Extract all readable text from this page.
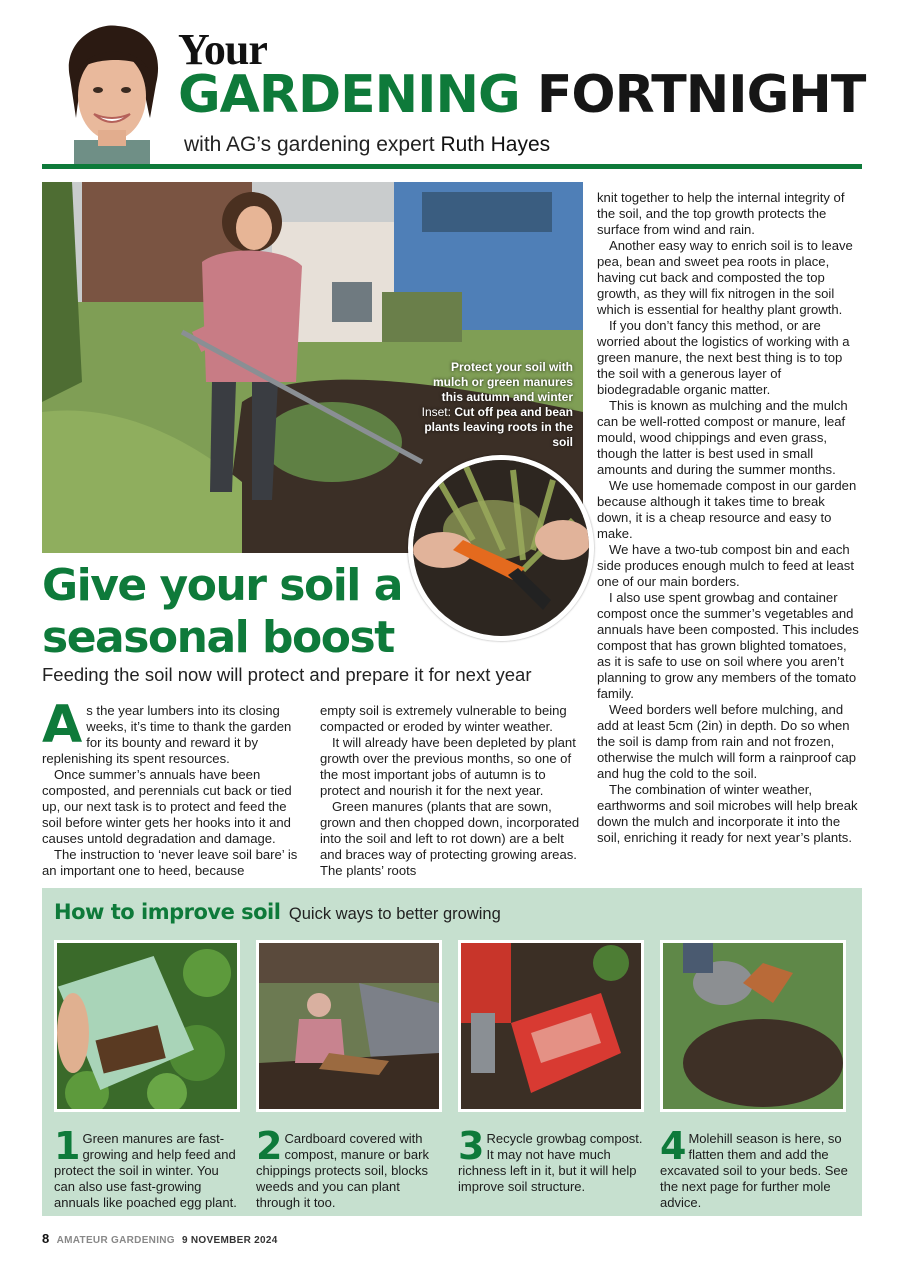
Your
GARDENING FORTNIGHT
with AG’s gardening expert Ruth Hayes
Protect your soil with mulch or green manures this autumn and winter Inset: Cut off pea and bean plants leaving roots in the soil
Give your soil a seasonal boost
Feeding the soil now will protect and prepare it for next year

As the year lumbers into its closing weeks, it’s time to thank the garden for its bounty and reward it by replenishing its spent resources.

Once summer’s annuals have been composted, and perennials cut back or tied up, our next task is to protect and feed the soil before winter gets her hooks into it and causes untold degradation and damage.

The instruction to ‘never leave soil bare’ is an important one to heed, because

empty soil is extremely vulnerable to being compacted or eroded by winter weather.

It will already have been depleted by plant growth over the previous months, so one of the most important jobs of autumn is to protect and nourish it for the next year.

Green manures (plants that are sown, grown and then chopped down, incorporated into the soil and left to rot down) are a belt and braces way of protecting growing areas. The plants’ roots

knit together to help the internal integrity of the soil, and the top growth protects the surface from wind and rain.

Another easy way to enrich soil is to leave pea, bean and sweet pea roots in place, having cut back and composted the top growth, as they will fix nitrogen in the soil which is essential for healthy plant growth.

If you don’t fancy this method, or are worried about the logistics of working with a green manure, the next best thing is to top the soil with a generous layer of biodegradable organic matter.

This is known as mulching and the mulch can be well-rotted compost or manure, leaf mould, wood chippings and even grass, though the latter is best used in small amounts and during the summer months.

We use homemade compost in our garden because although it takes time to break down, it is a cheap resource and easy to make.

We have a two-tub compost bin and each side produces enough mulch to feed at least one of our main borders.

I also use spent growbag and container compost once the summer’s vegetables and annuals have been composted. This includes compost that has grown blighted tomatoes, as it is safe to use on soil where you aren’t planning to grow any members of the tomato family.

Weed borders well before mulching, and add at least 5cm (2in) in depth. Do so when the soil is damp from rain and not frozen, otherwise the mulch will form a rainproof cap and hug the cold to the soil.

The combination of winter weather, earthworms and soil microbes will help break down the mulch and incorporate it into the soil, enriching it ready for next year’s plants.

How to improve soil Quick ways to better growing
1 Green manures are fast-growing and help feed and protect the soil in winter. You can also use fast-growing annuals like poached egg plant.
2 Cardboard covered with compost, manure or bark chippings protects soil, blocks weeds and you can plant through it too.
3 Recycle growbag compost. It may not have much richness left in it, but it will help improve soil structure.
4 Molehill season is here, so flatten them and add the excavated soil to your beds. See the next page for further mole advice.
8 AMATEUR GARDENING 9 NOVEMBER 2024
